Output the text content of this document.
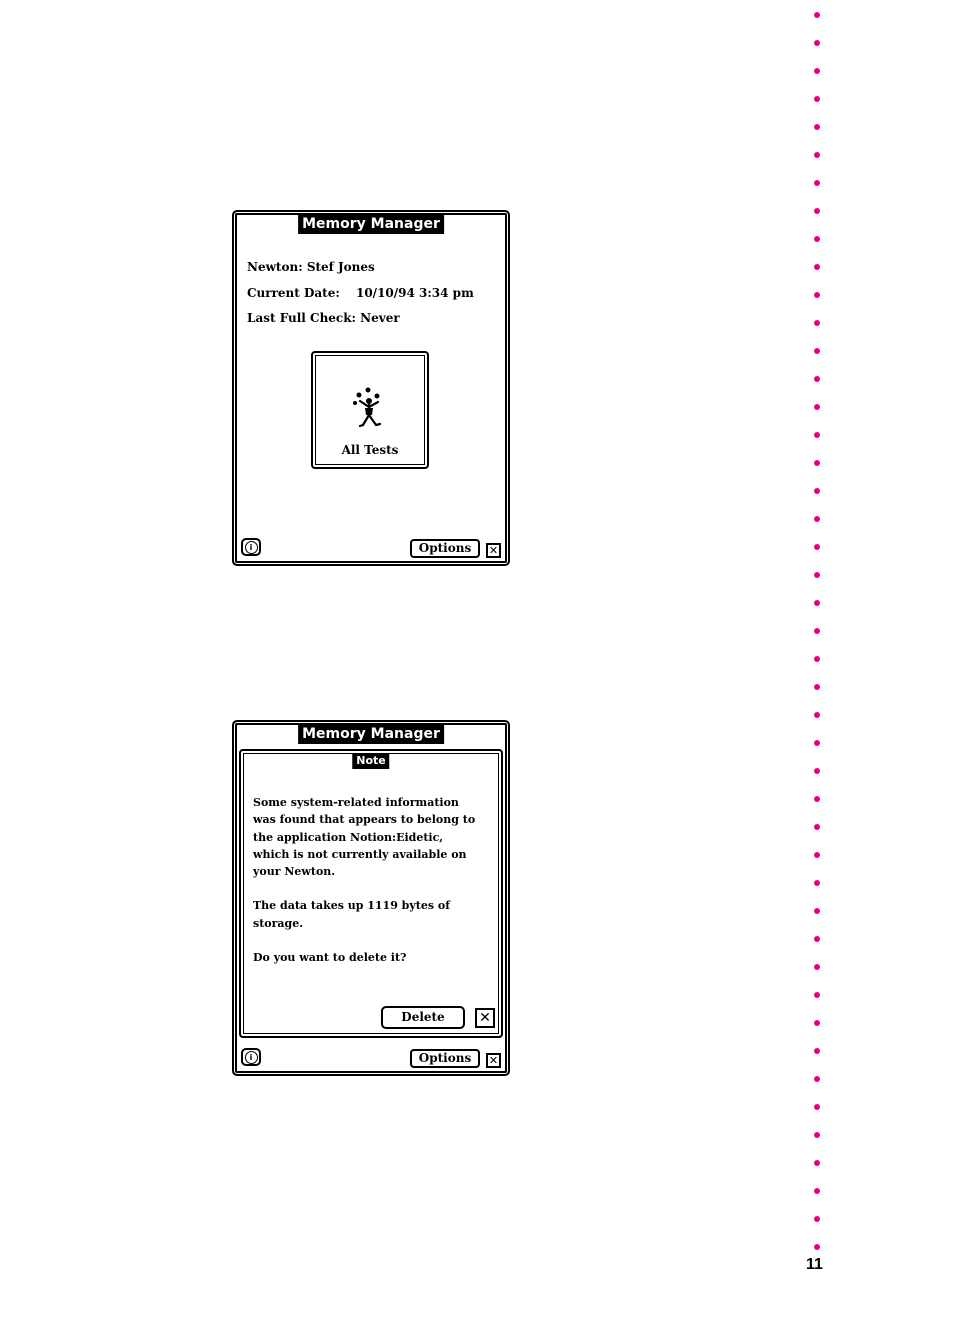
Memory Manager
Newton: Stef Jones
Current Date: 10/10/94 3:34 pm
Last Full Check: Never
All Tests
i	Options	✕
Memory Manager
Note

Some system-related information
was found that appears to belong to
the application Notion:Eidetic,
which is not currently available on
your Newton.

The data takes up 1119 bytes of
storage.

Do you want to delete it?

Delete	✕
i	Options	✕
11
